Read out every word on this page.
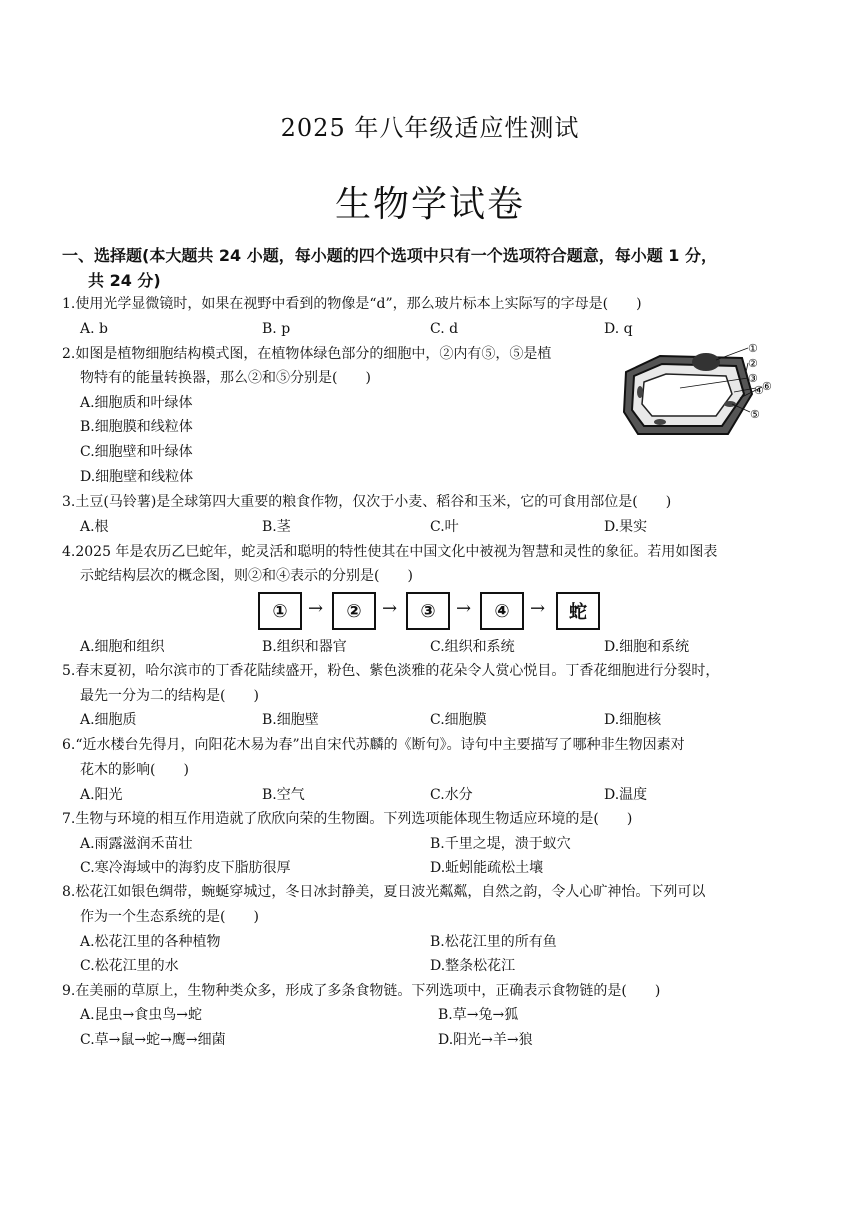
2025 年八年级适应性测试
生物学试卷
一、选择题(本大题共 24 小题，每小题的四个选项中只有一个选项符合题意，每小题 1 分，
共 24 分)
1.使用光学显微镜时，如果在视野中看到的物像是“d”，那么玻片标本上实际写的字母是(　　)
A. b	B. p	C. d	D. q
2.如图是植物细胞结构模式图，在植物体绿色部分的细胞中，②内有⑤，⑤是植
物特有的能量转换器，那么②和⑤分别是(　　)
A.细胞质和叶绿体
B.细胞膜和线粒体
C.细胞壁和叶绿体
D.细胞壁和线粒体
①
②
③
④
⑥
⑤
3.土豆(马铃薯)是全球第四大重要的粮食作物，仅次于小麦、稻谷和玉米，它的可食用部位是(　　)
A.根	B.茎	C.叶	D.果实
4.2025 年是农历乙巳蛇年，蛇灵活和聪明的特性使其在中国文化中被视为智慧和灵性的象征。若用如图表
示蛇结构层次的概念图，则②和④表示的分别是(　　)
①	→	②	→	③	→	④	→	蛇
A.细胞和组织	B.组织和器官	C.组织和系统	D.细胞和系统
5.春末夏初，哈尔滨市的丁香花陆续盛开，粉色、紫色淡雅的花朵令人赏心悦目。丁香花细胞进行分裂时，
最先一分为二的结构是(　　)
A.细胞质	B.细胞壁	C.细胞膜	D.细胞核
6.“近水楼台先得月，向阳花木易为春”出自宋代苏麟的《断句》。诗句中主要描写了哪种非生物因素对
花木的影响(　　)
A.阳光	B.空气	C.水分	D.温度
7.生物与环境的相互作用造就了欣欣向荣的生物圈。下列选项能体现生物适应环境的是(　　)
A.雨露滋润禾苗壮	B.千里之堤，溃于蚁穴
C.寒冷海域中的海豹皮下脂肪很厚	D.蚯蚓能疏松土壤
8.松花江如银色绸带，蜿蜒穿城过，冬日冰封静美，夏日波光粼粼，自然之韵，令人心旷神怡。下列可以
作为一个生态系统的是(　　)
A.松花江里的各种植物	B.松花江里的所有鱼
C.松花江里的水	D.整条松花江
9.在美丽的草原上，生物种类众多，形成了多条食物链。下列选项中，正确表示食物链的是(　　)
A.昆虫→食虫鸟→蛇	B.草→兔→狐
C.草→鼠→蛇→鹰→细菌	D.阳光→羊→狼
